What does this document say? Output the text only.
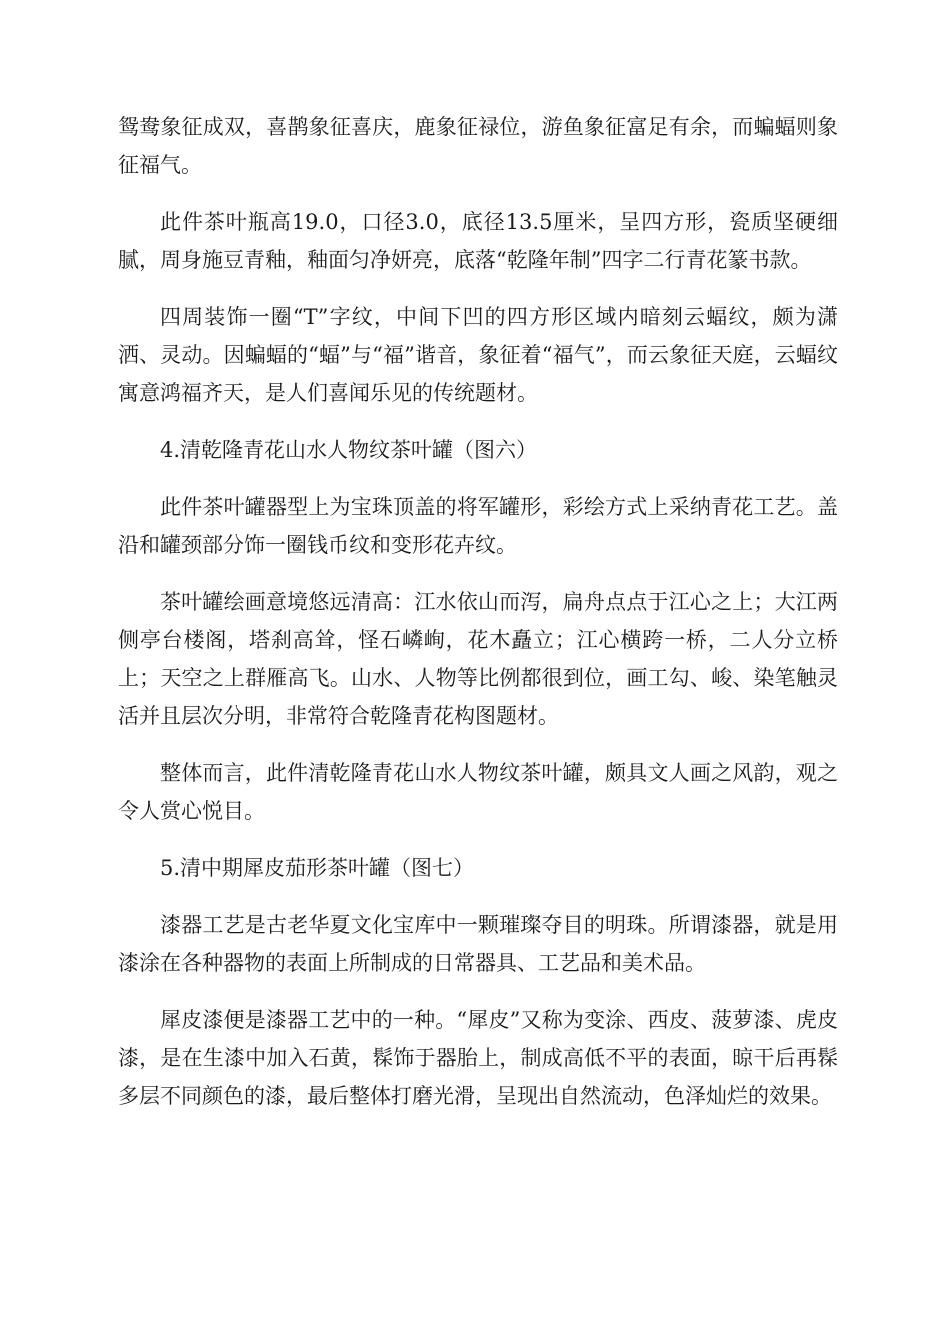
鸳鸯象征成双，喜鹊象征喜庆，鹿象征禄位，游鱼象征富足有余，而蝙蝠则象征福气。

此件茶叶瓶高19.0，口径3.0，底径13.5厘米，呈四方形，瓷质坚硬细腻，周身施豆青釉，釉面匀净妍亮，底落“乾隆年制”四字二行青花篆书款。

四周装饰一圈“T”字纹，中间下凹的四方形区域内暗刻云蝠纹，颇为潇洒、灵动。因蝙蝠的“蝠”与“福”谐音，象征着“福气”，而云象征天庭，云蝠纹寓意鸿福齐天，是人们喜闻乐见的传统题材。

4.清乾隆青花山水人物纹茶叶罐（图六）

此件茶叶罐器型上为宝珠顶盖的将军罐形，彩绘方式上采纳青花工艺。盖沿和罐颈部分饰一圈钱币纹和变形花卉纹。

茶叶罐绘画意境悠远清高：江水依山而泻，扁舟点点于江心之上；大江两侧亭台楼阁，塔刹高耸，怪石嶙峋，花木矗立；江心横跨一桥，二人分立桥上；天空之上群雁高飞。山水、人物等比例都很到位，画工勾、峻、染笔触灵活并且层次分明，非常符合乾隆青花构图题材。

整体而言，此件清乾隆青花山水人物纹茶叶罐，颇具文人画之风韵，观之令人赏心悦目。

5.清中期犀皮茄形茶叶罐（图七）

漆器工艺是古老华夏文化宝库中一颗璀璨夺目的明珠。所谓漆器，就是用漆涂在各种器物的表面上所制成的日常器具、工艺品和美术品。

犀皮漆便是漆器工艺中的一种。“犀皮”又称为变涂、西皮、菠萝漆、虎皮漆，是在生漆中加入石黄，髹饰于器胎上，制成高低不平的表面，晾干后再髹多层不同颜色的漆，最后整体打磨光滑，呈现出自然流动，色泽灿烂的效果。
